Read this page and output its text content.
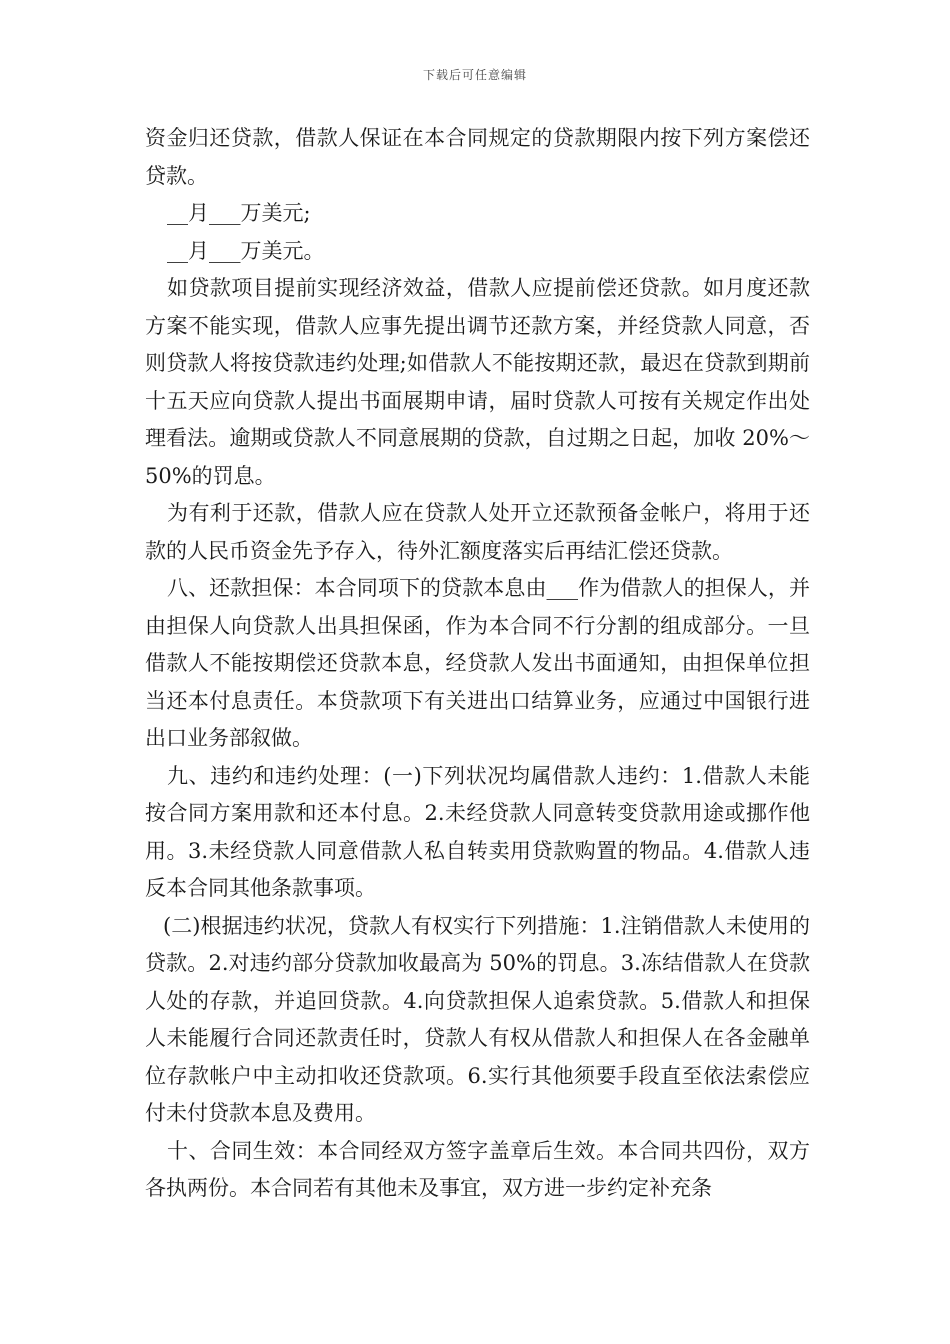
下载后可任意编辑

资金归还贷款，借款人保证在本合同规定的贷款期限内按下列方案偿还贷款。

__月___万美元;

__月___万美元。

如贷款项目提前实现经济效益，借款人应提前偿还贷款。如月度还款方案不能实现，借款人应事先提出调节还款方案，并经贷款人同意，否则贷款人将按贷款违约处理;如借款人不能按期还款，最迟在贷款到期前十五天应向贷款人提出书面展期申请，届时贷款人可按有关规定作出处理看法。逾期或贷款人不同意展期的贷款，自过期之日起，加收 20%～50%的罚息。

为有利于还款，借款人应在贷款人处开立还款预备金帐户，将用于还款的人民币资金先予存入，待外汇额度落实后再结汇偿还贷款。

八、还款担保：本合同项下的贷款本息由___作为借款人的担保人，并由担保人向贷款人出具担保函，作为本合同不行分割的组成部分。一旦借款人不能按期偿还贷款本息，经贷款人发出书面通知，由担保单位担当还本付息责任。本贷款项下有关进出口结算业务，应通过中国银行进出口业务部叙做。

九、违约和违约处理：(一)下列状况均属借款人违约：1.借款人未能按合同方案用款和还本付息。2.未经贷款人同意转变贷款用途或挪作他用。3.未经贷款人同意借款人私自转卖用贷款购置的物品。4.借款人违反本合同其他条款事项。

(二)根据违约状况，贷款人有权实行下列措施：1.注销借款人未使用的贷款。2.对违约部分贷款加收最高为 50%的罚息。3.冻结借款人在贷款人处的存款，并追回贷款。4.向贷款担保人追索贷款。5.借款人和担保人未能履行合同还款责任时，贷款人有权从借款人和担保人在各金融单位存款帐户中主动扣收还贷款项。6.实行其他须要手段直至依法索偿应付未付贷款本息及费用。

十、合同生效：本合同经双方签字盖章后生效。本合同共四份，双方各执两份。本合同若有其他未及事宜，双方进一步约定补充条
